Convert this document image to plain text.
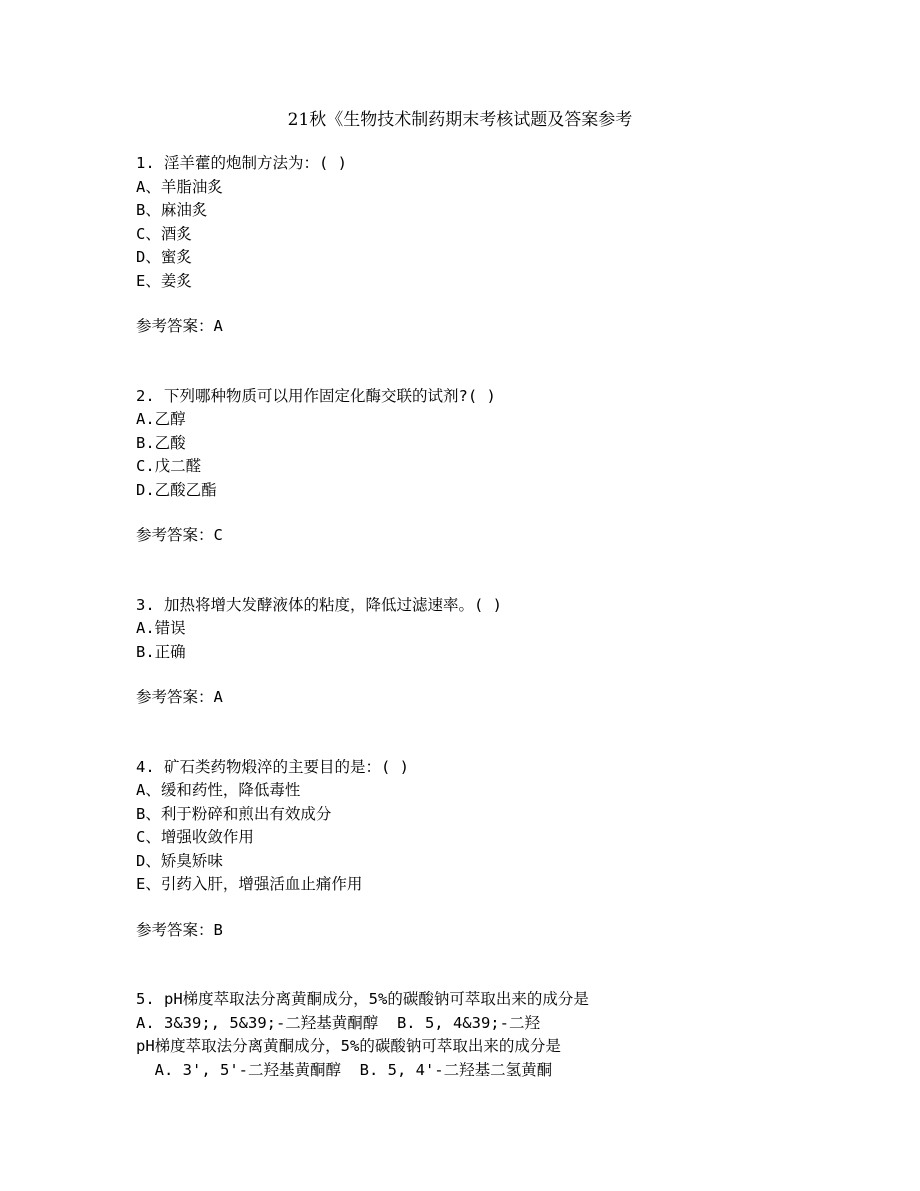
21秋《生物技术制药期末考核试题及答案参考
1. 淫羊藿的炮制方法为：( )
A、羊脂油炙
B、麻油炙
C、酒炙
D、蜜炙
E、姜炙
参考答案：A
2. 下列哪种物质可以用作固定化酶交联的试剂?( )
A.乙醇
B.乙酸
C.戊二醛
D.乙酸乙酯
参考答案：C
3. 加热将增大发酵液体的粘度，降低过滤速率。( )
A.错误
B.正确
参考答案：A
4. 矿石类药物煅淬的主要目的是：( )
A、缓和药性，降低毒性
B、利于粉碎和煎出有效成分
C、增强收敛作用
D、矫臭矫味
E、引药入肝，增强活血止痛作用
参考答案：B
5. pH梯度萃取法分离黄酮成分，5%的碳酸钠可萃取出来的成分是
A. 3&39;, 5&39;-二羟基黄酮醇  B. 5, 4&39;-二羟
pH梯度萃取法分离黄酮成分，5%的碳酸钠可萃取出来的成分是
A. 3', 5'-二羟基黄酮醇  B. 5, 4'-二羟基二氢黄酮
